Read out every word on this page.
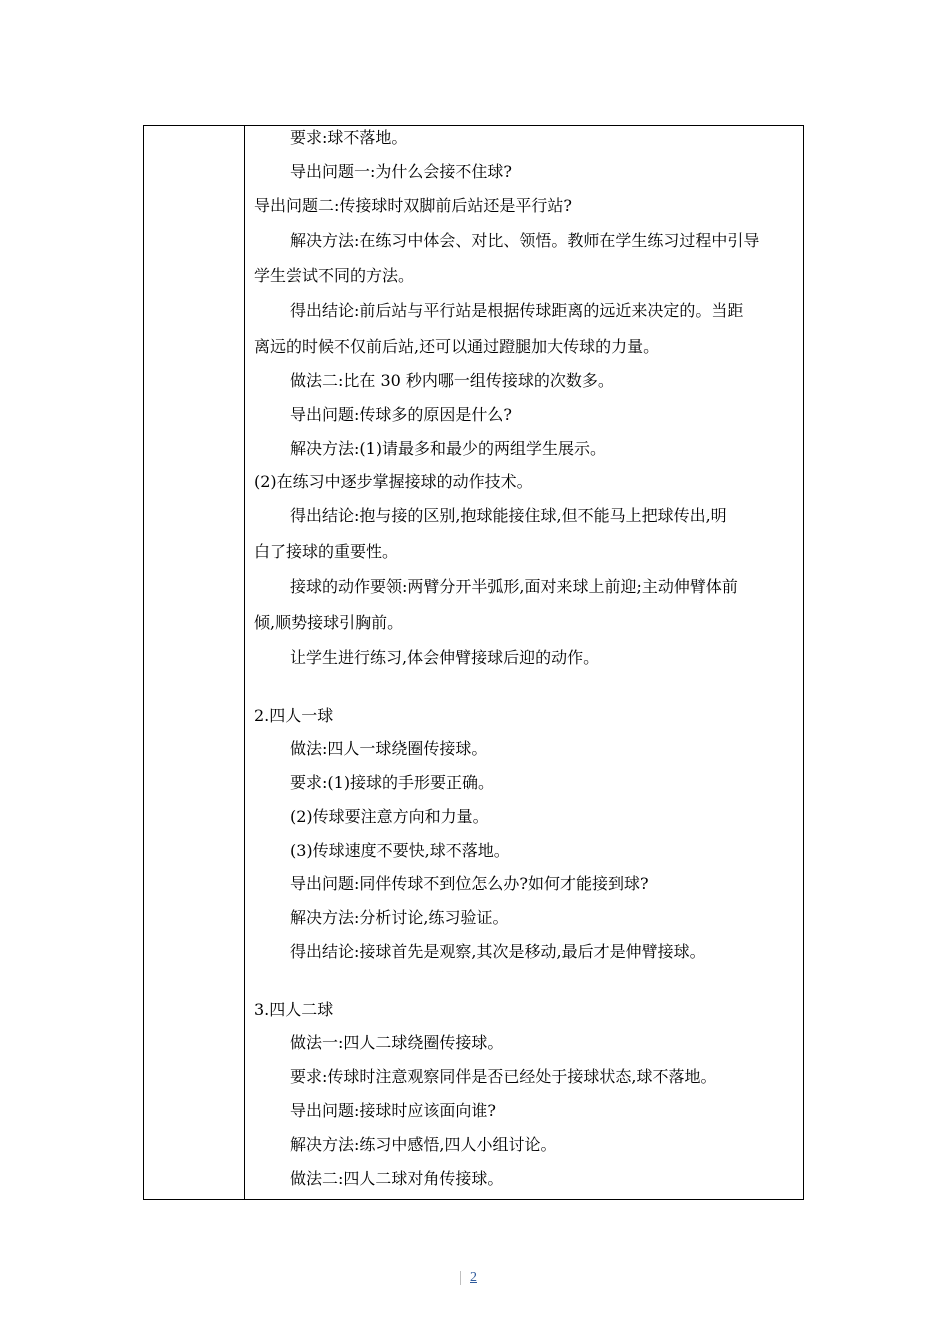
要求:球不落地。
导出问题一:为什么会接不住球?
导出问题二:传接球时双脚前后站还是平行站?
解决方法:在练习中体会、对比、领悟。教师在学生练习过程中引导
学生尝试不同的方法。
得出结论:前后站与平行站是根据传球距离的远近来决定的。当距
离远的时候不仅前后站,还可以通过蹬腿加大传球的力量。
做法二:比在 30 秒内哪一组传接球的次数多。
导出问题:传球多的原因是什么?
解决方法:(1)请最多和最少的两组学生展示。
(2)在练习中逐步掌握接球的动作技术。
得出结论:抱与接的区别,抱球能接住球,但不能马上把球传出,明
白了接球的重要性。
接球的动作要领:两臂分开半弧形,面对来球上前迎;主动伸臂体前
倾,顺势接球引胸前。
让学生进行练习,体会伸臂接球后迎的动作。
2.四人一球
做法:四人一球绕圈传接球。
要求:(1)接球的手形要正确。
(2)传球要注意方向和力量。
(3)传球速度不要快,球不落地。
导出问题:同伴传球不到位怎么办?如何才能接到球?
解决方法:分析讨论,练习验证。
得出结论:接球首先是观察,其次是移动,最后才是伸臂接球。
3.四人二球
做法一:四人二球绕圈传接球。
要求:传球时注意观察同伴是否已经处于接球状态,球不落地。
导出问题:接球时应该面向谁?
解决方法:练习中感悟,四人小组讨论。
做法二:四人二球对角传接球。
2
